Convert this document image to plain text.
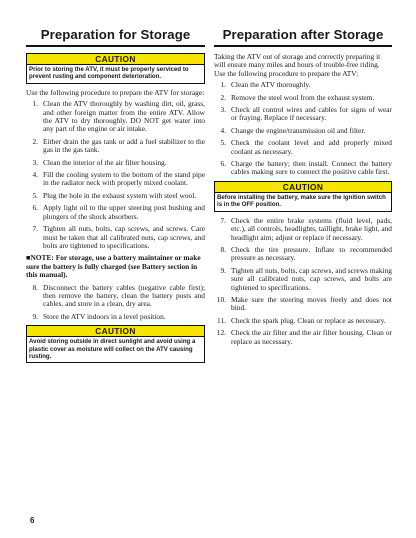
Preparation for Storage
CAUTION
Prior to storing the ATV, it must be properly serviced to prevent rusting and component deterioration.

Use the following procedure to prepare the ATV for storage:

1. Clean the ATV thoroughly by washing dirt, oil, grass, and other foreign matter from the entire ATV. Allow the ATV to dry thoroughly. DO NOT get water into any part of the engine or air intake.
2. Either drain the gas tank or add a fuel stabilizer to the gas in the gas tank.
3. Clean the interior of the air filter housing.
4. Fill the cooling system to the bottom of the stand pipe in the radiator neck with properly mixed coolant.
5. Plug the hole in the exhaust system with steel wool.
6. Apply light oil to the upper steering post bushing and plungers of the shock absorbers.
7. Tighten all nuts, bolts, cap screws, and screws. Care must be taken that all calibrated nuts, cap screws, and bolts are tightened to specifications.

■NOTE: For storage, use a battery maintainer or make sure the battery is fully charged (see Battery section in this manual).

8. Disconnect the battery cables (negative cable first); then remove the battery, clean the battery posts and cables, and store in a clean, dry area.
9. Store the ATV indoors in a level position.
CAUTION
Avoid storing outside in direct sunlight and avoid using a plastic cover as moisture will collect on the ATV causing rusting.
Preparation after Storage

Taking the ATV out of storage and correctly preparing it will ensure many miles and hours of trouble-free riding. Use the following procedure to prepare the ATV:

1. Clean the ATV thoroughly.
2. Remove the steel wool from the exhaust system.
3. Check all control wires and cables for signs of wear or fraying. Replace if necessary.
4. Change the engine/transmission oil and filter.
5. Check the coolant level and add properly mixed coolant as necessary.
6. Charge the battery; then install. Connect the battery cables making sure to connect the positive cable first.
CAUTION
Before installing the battery, make sure the ignition switch is in the OFF position.
7. Check the entire brake systems (fluid level, pads, etc.), all controls, headlights, taillight, brake light, and headlight aim; adjust or replace if necessary.
8. Check the tire pressure. Inflate to recommended pressure as necessary.
9. Tighten all nuts, bolts, cap screws, and screws making sure all calibrated nuts, cap screws, and bolts are tightened to specifications.
10. Make sure the steering moves freely and does not bind.
11. Check the spark plug. Clean or replace as necessary.
12. Check the air filter and the air filter housing. Clean or replace as necessary.
6
